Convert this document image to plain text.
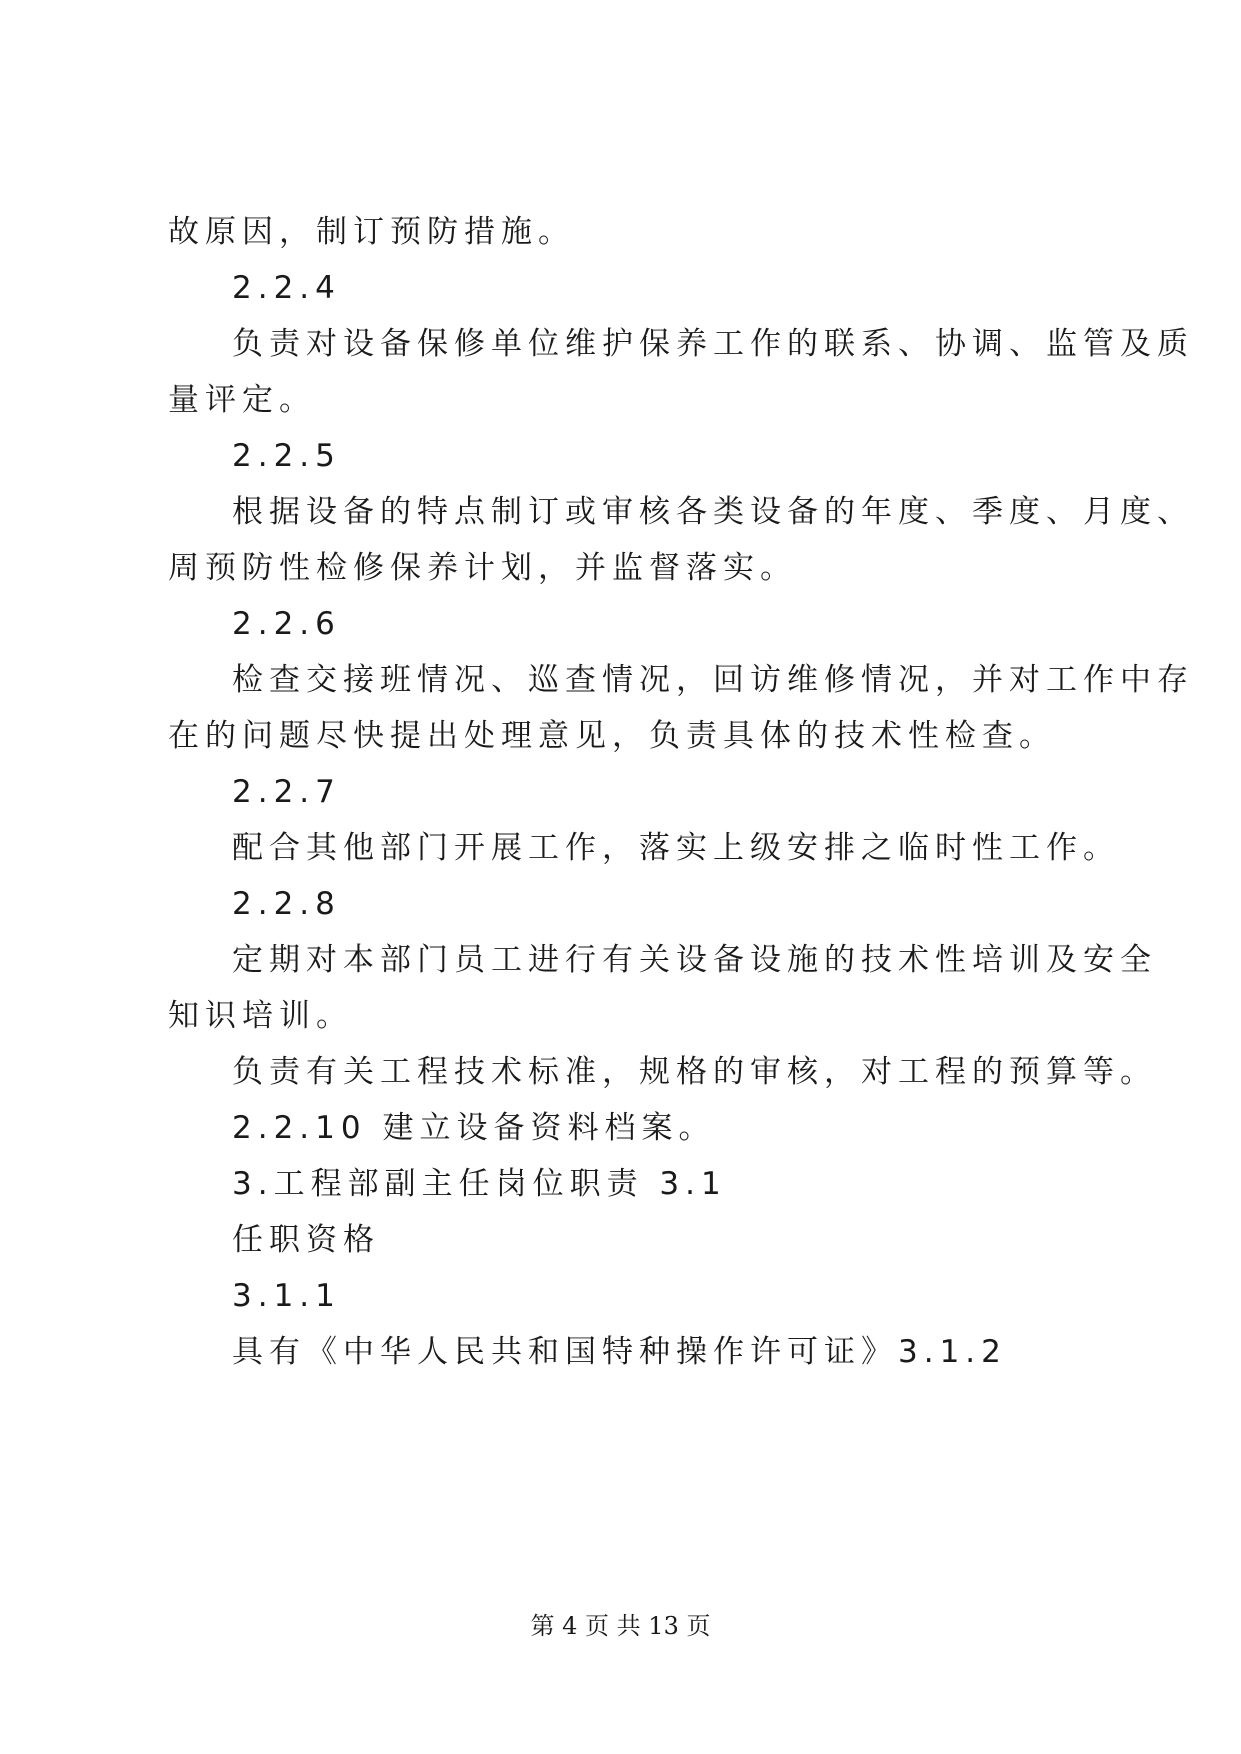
故原因，制订预防措施。
2.2.4
负责对设备保修单位维护保养工作的联系、协调、监管及质
量评定。
2.2.5
根据设备的特点制订或审核各类设备的年度、季度、月度、
周预防性检修保养计划，并监督落实。
2.2.6
检查交接班情况、巡查情况，回访维修情况，并对工作中存
在的问题尽快提出处理意见，负责具体的技术性检查。
2.2.7
配合其他部门开展工作，落实上级安排之临时性工作。
2.2.8
定期对本部门员工进行有关设备设施的技术性培训及安全
知识培训。
负责有关工程技术标准，规格的审核，对工程的预算等。
2.2.10 建立设备资料档案。
3.工程部副主任岗位职责 3.1
任职资格
3.1.1
具有《中华人民共和国特种操作许可证》3.1.2
第 4 页 共 13 页
